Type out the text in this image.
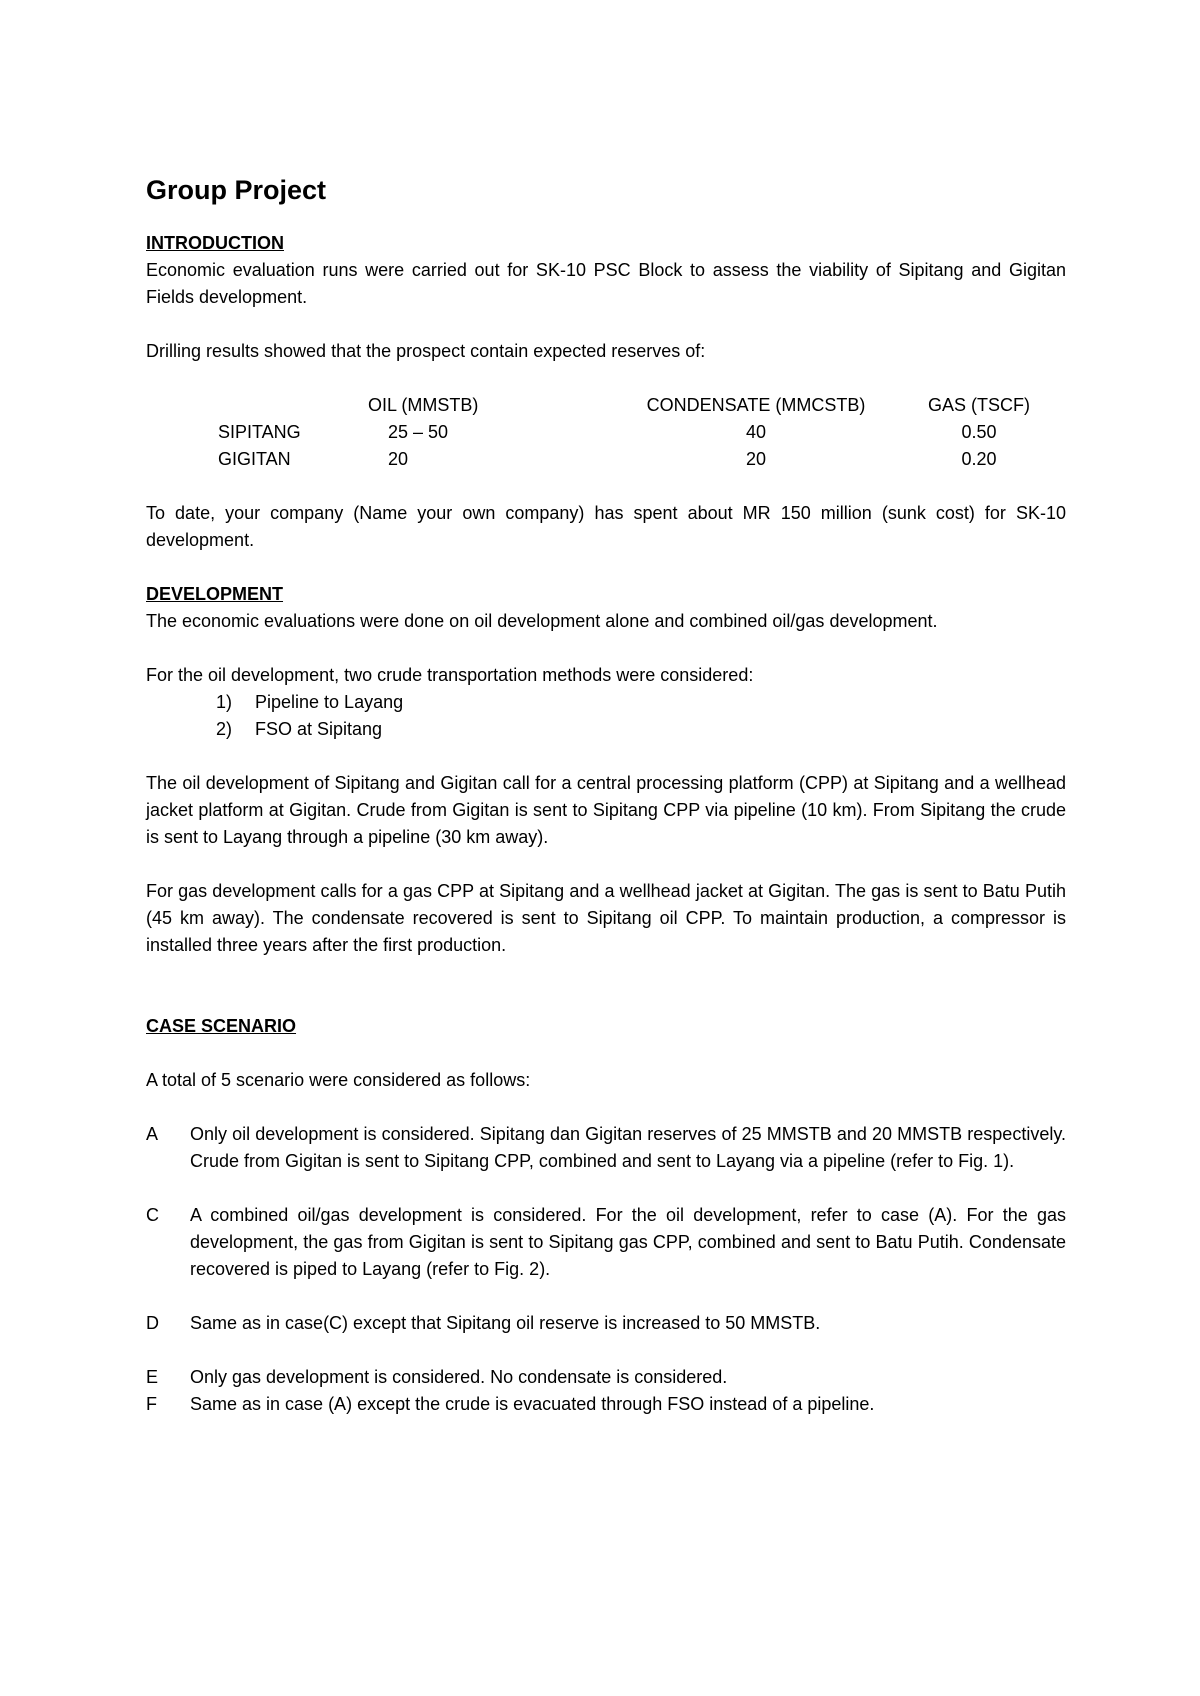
Group Project

INTRODUCTION

Economic evaluation runs were carried out for SK-10 PSC Block to assess the viability of Sipitang and Gigitan Fields development.

Drilling results showed that the prospect contain expected reserves of:

	OIL (MMSTB)	CONDENSATE (MMCSTB)	GAS (TSCF)
SIPITANG	25 – 50	40	0.50
GIGITAN	20	20	0.20

To date, your company (Name your own company) has spent about MR 150 million (sunk cost) for SK-10 development.

DEVELOPMENT

The economic evaluations were done on oil development alone and combined oil/gas development.

For the oil development, two crude transportation methods were considered:

1)	Pipeline to Layang
2)	FSO at Sipitang

The oil development of Sipitang and Gigitan call for a central processing platform (CPP) at Sipitang and a wellhead jacket platform at Gigitan. Crude from Gigitan is sent to Sipitang CPP via pipeline (10 km). From Sipitang the crude is sent to Layang through a pipeline (30 km away).

For gas development calls for a gas CPP at Sipitang and a wellhead jacket at Gigitan. The gas is sent to Batu Putih (45 km away). The condensate recovered is sent to Sipitang oil CPP. To maintain production, a compressor is installed three years after the first production.

CASE SCENARIO

A total of 5 scenario were considered as follows:

A	Only oil development is considered. Sipitang dan Gigitan reserves of 25 MMSTB and 20 MMSTB respectively. Crude from Gigitan is sent to Sipitang CPP, combined and sent to Layang via a pipeline (refer to Fig. 1).
C	A combined oil/gas development is considered. For the oil development, refer to case (A). For the gas development, the gas from Gigitan is sent to Sipitang gas CPP, combined and sent to Batu Putih. Condensate recovered is piped to Layang (refer to Fig. 2).
D	Same as in case(C) except that Sipitang oil reserve is increased to 50 MMSTB.
E	Only gas development is considered. No condensate is considered.
F	Same as in case (A) except the crude is evacuated through FSO instead of a pipeline.
